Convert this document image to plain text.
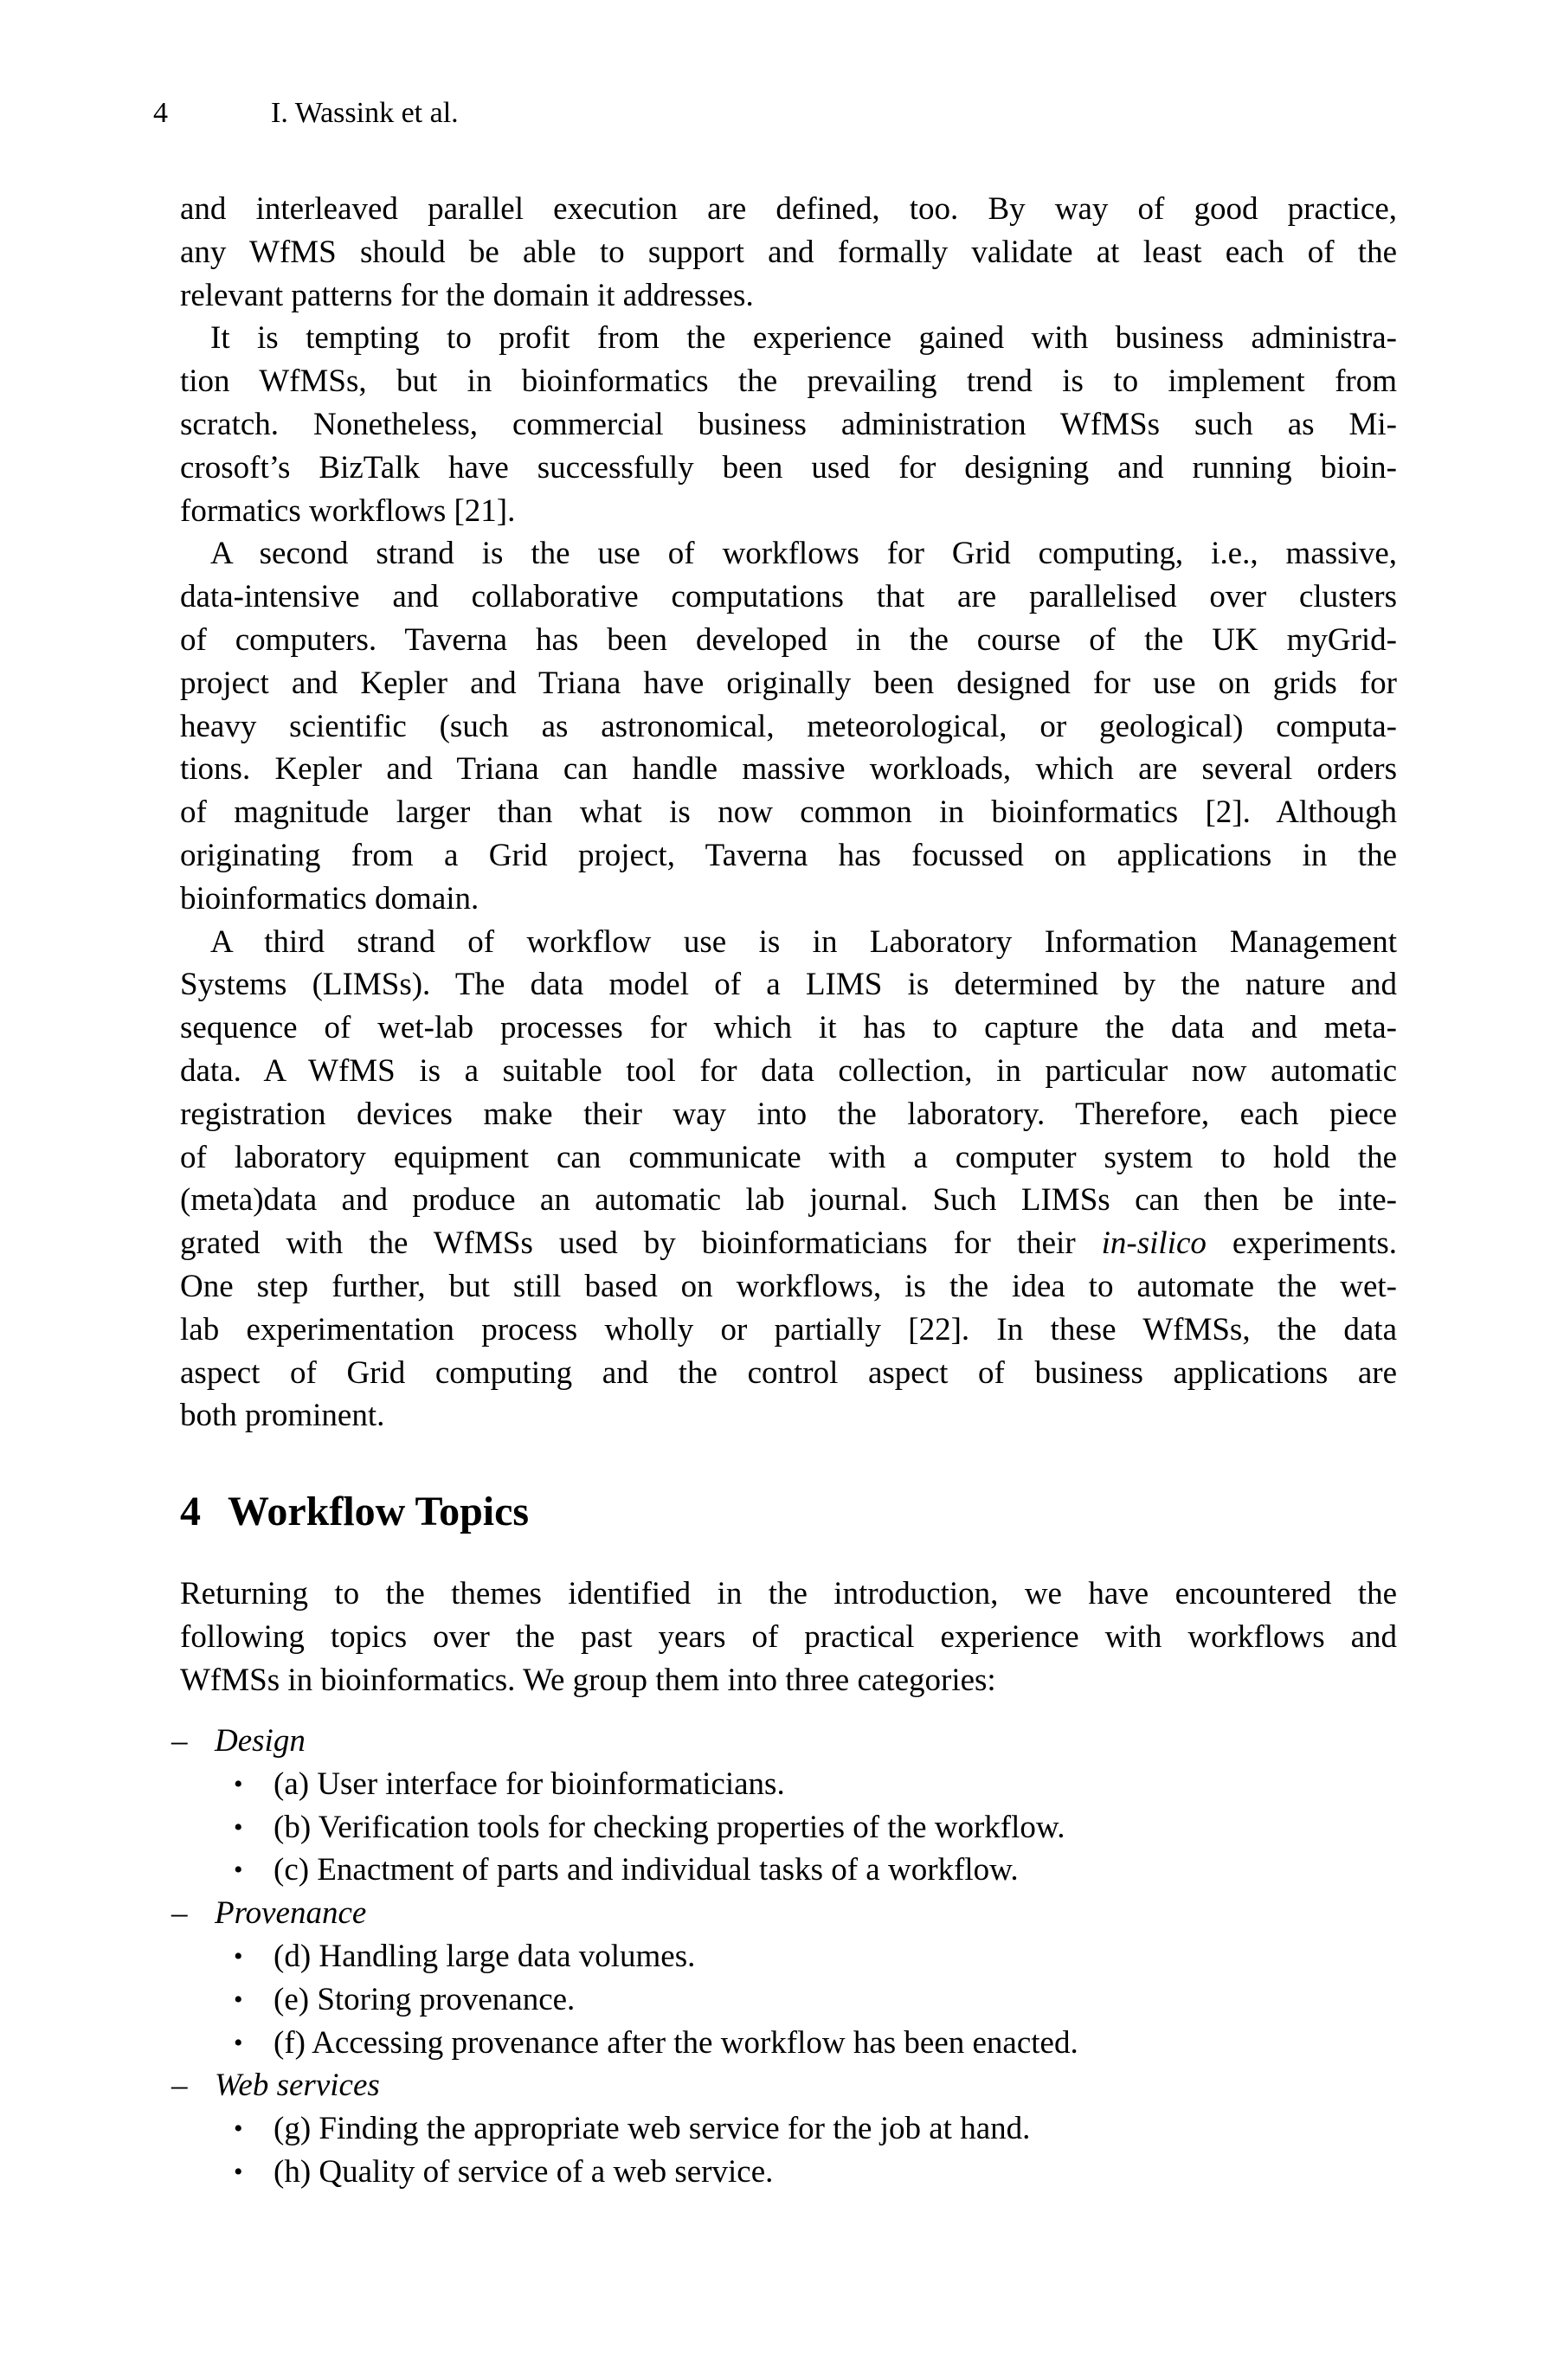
4	I. Wassink et al.
and interleaved parallel execution are defined, too. By way of good practice,
any WfMS should be able to support and formally validate at least each of the
relevant patterns for the domain it addresses.
It is tempting to profit from the experience gained with business administra-
tion WfMSs, but in bioinformatics the prevailing trend is to implement from
scratch. Nonetheless, commercial business administration WfMSs such as Mi-
crosoft’s BizTalk have successfully been used for designing and running bioin-
formatics workflows [21].
A second strand is the use of workflows for Grid computing, i.e., massive,
data-intensive and collaborative computations that are parallelised over clusters
of computers. Taverna has been developed in the course of the UK myGrid-
project and Kepler and Triana have originally been designed for use on grids for
heavy scientific (such as astronomical, meteorological, or geological) computa-
tions. Kepler and Triana can handle massive workloads, which are several orders
of magnitude larger than what is now common in bioinformatics [2]. Although
originating from a Grid project, Taverna has focussed on applications in the
bioinformatics domain.
A third strand of workflow use is in Laboratory Information Management
Systems (LIMSs). The data model of a LIMS is determined by the nature and
sequence of wet-lab processes for which it has to capture the data and meta-
data. A WfMS is a suitable tool for data collection, in particular now automatic
registration devices make their way into the laboratory. Therefore, each piece
of laboratory equipment can communicate with a computer system to hold the
(meta)data and produce an automatic lab journal. Such LIMSs can then be inte-
grated with the WfMSs used by bioinformaticians for their in-silico experiments.
One step further, but still based on workflows, is the idea to automate the wet-
lab experimentation process wholly or partially [22]. In these WfMSs, the data
aspect of Grid computing and the control aspect of business applications are
both prominent.
4 Workflow Topics
Returning to the themes identified in the introduction, we have encountered the
following topics over the past years of practical experience with workflows and
WfMSs in bioinformatics. We group them into three categories:
– Design
• (a) User interface for bioinformaticians.
• (b) Verification tools for checking properties of the workflow.
• (c) Enactment of parts and individual tasks of a workflow.
– Provenance
• (d) Handling large data volumes.
• (e) Storing provenance.
• (f) Accessing provenance after the workflow has been enacted.
– Web services
• (g) Finding the appropriate web service for the job at hand.
• (h) Quality of service of a web service.
